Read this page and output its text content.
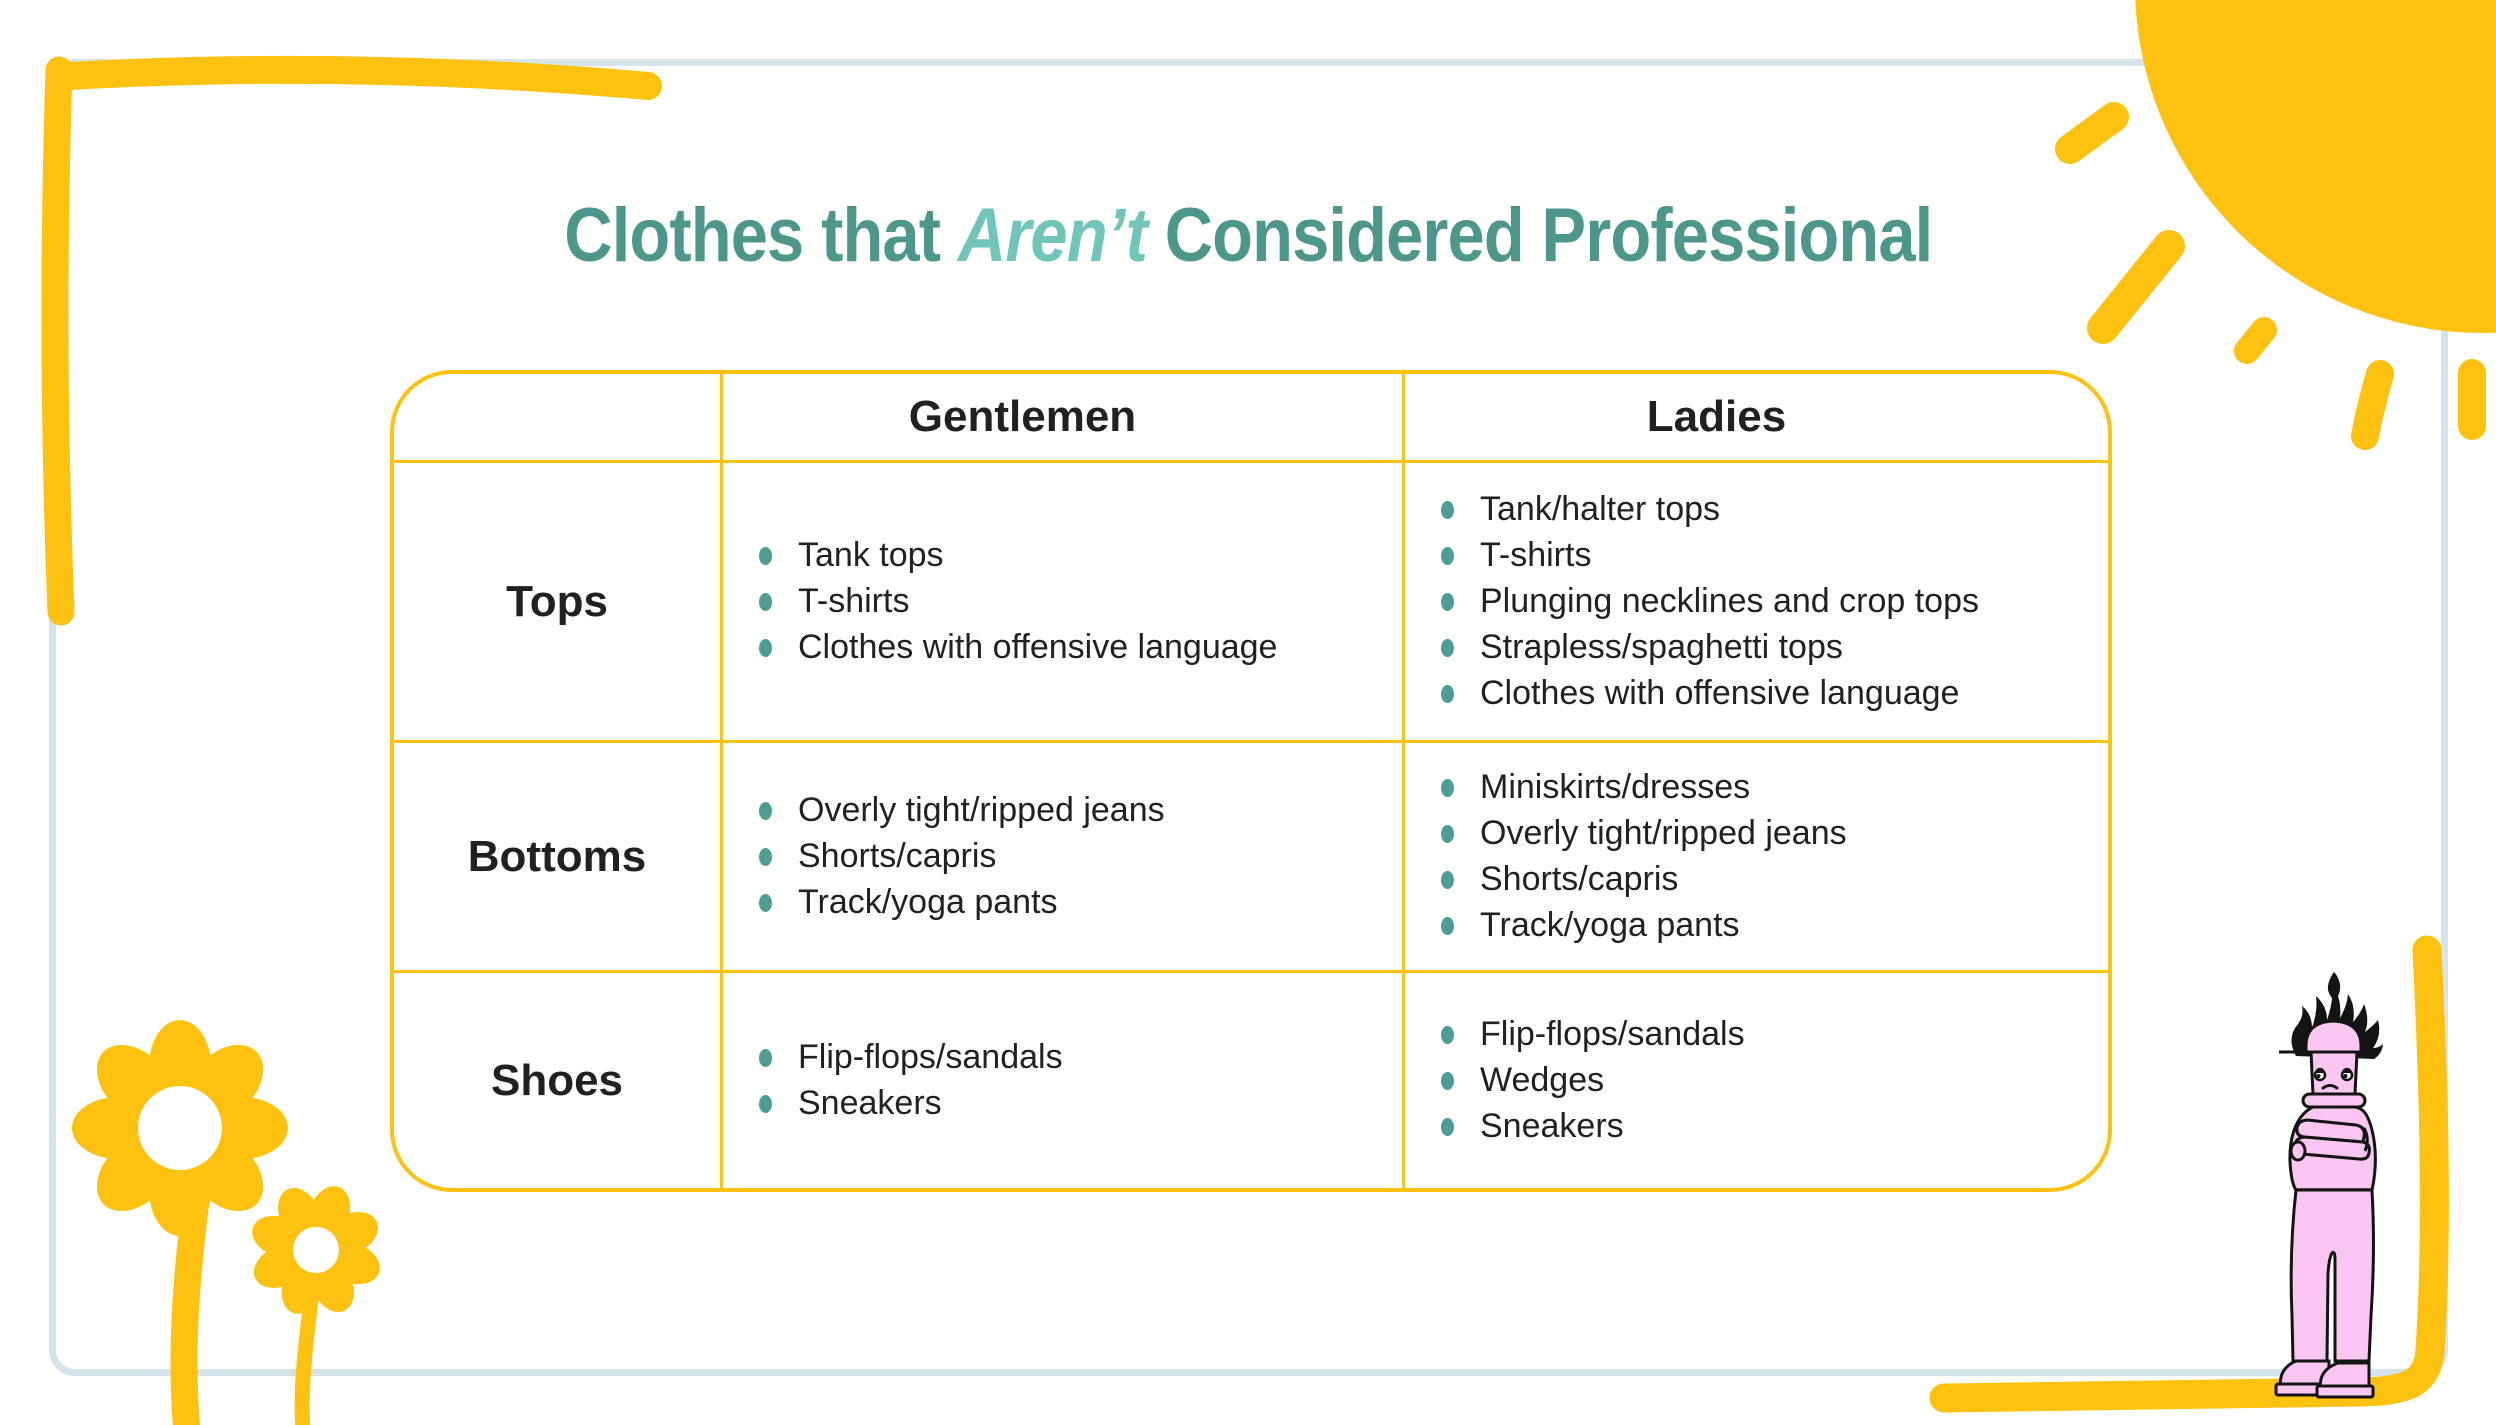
Clothes that Aren’t Considered Professional
Gentlemen	Ladies
Tops
Tank tops
T-shirts
Clothes with offensive language
Tank/halter tops
T-shirts
Plunging necklines and crop tops
Strapless/spaghetti tops
Clothes with offensive language
Bottoms
Overly tight/ripped jeans
Shorts/capris
Track/yoga pants
Miniskirts/dresses
Overly tight/ripped jeans
Shorts/capris
Track/yoga pants
Shoes	Flip-flops/sandals
Sneakers
Flip-flops/sandals
Wedges
Sneakers
